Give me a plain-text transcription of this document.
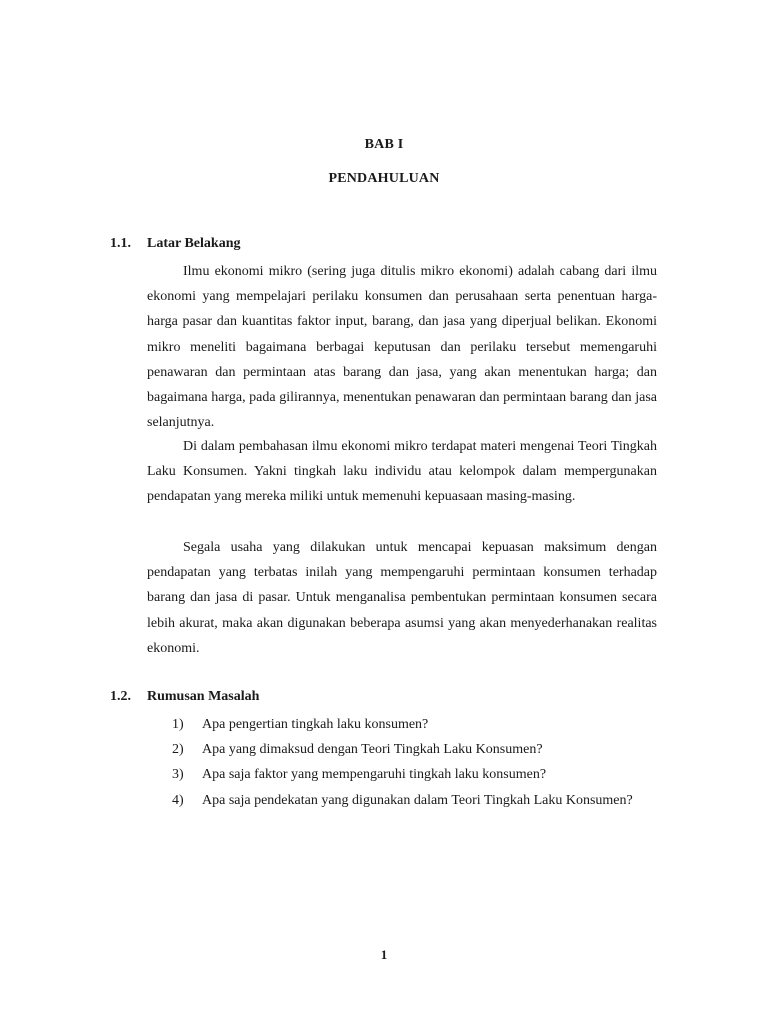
BAB I
PENDAHULUAN
1.1. Latar Belakang

Ilmu ekonomi mikro (sering juga ditulis mikro ekonomi) adalah cabang dari ilmu ekonomi yang mempelajari perilaku konsumen dan perusahaan serta penentuan harga-harga pasar dan kuantitas faktor input, barang, dan jasa yang diperjual belikan. Ekonomi mikro meneliti bagaimana berbagai keputusan dan perilaku tersebut memengaruhi penawaran dan permintaan atas barang dan jasa, yang akan menentukan harga; dan bagaimana harga, pada gilirannya, menentukan penawaran dan permintaan barang dan jasa selanjutnya.

Di dalam pembahasan ilmu ekonomi mikro terdapat materi mengenai Teori Tingkah Laku Konsumen. Yakni tingkah laku individu atau kelompok dalam mempergunakan pendapatan yang mereka miliki untuk memenuhi kepuasaan masing-masing.

Segala usaha yang dilakukan untuk mencapai kepuasan maksimum dengan pendapatan yang terbatas inilah yang mempengaruhi permintaan konsumen terhadap barang dan jasa di pasar. Untuk menganalisa pembentukan permintaan konsumen secara lebih akurat, maka akan digunakan beberapa asumsi yang akan menyederhanakan realitas ekonomi.

1.2. Rumusan Masalah
1)	Apa pengertian tingkah laku konsumen?
2)	Apa yang dimaksud dengan Teori Tingkah Laku Konsumen?
3)	Apa saja faktor yang mempengaruhi tingkah laku konsumen?
4)	Apa saja pendekatan yang digunakan dalam Teori Tingkah Laku Konsumen?
1
